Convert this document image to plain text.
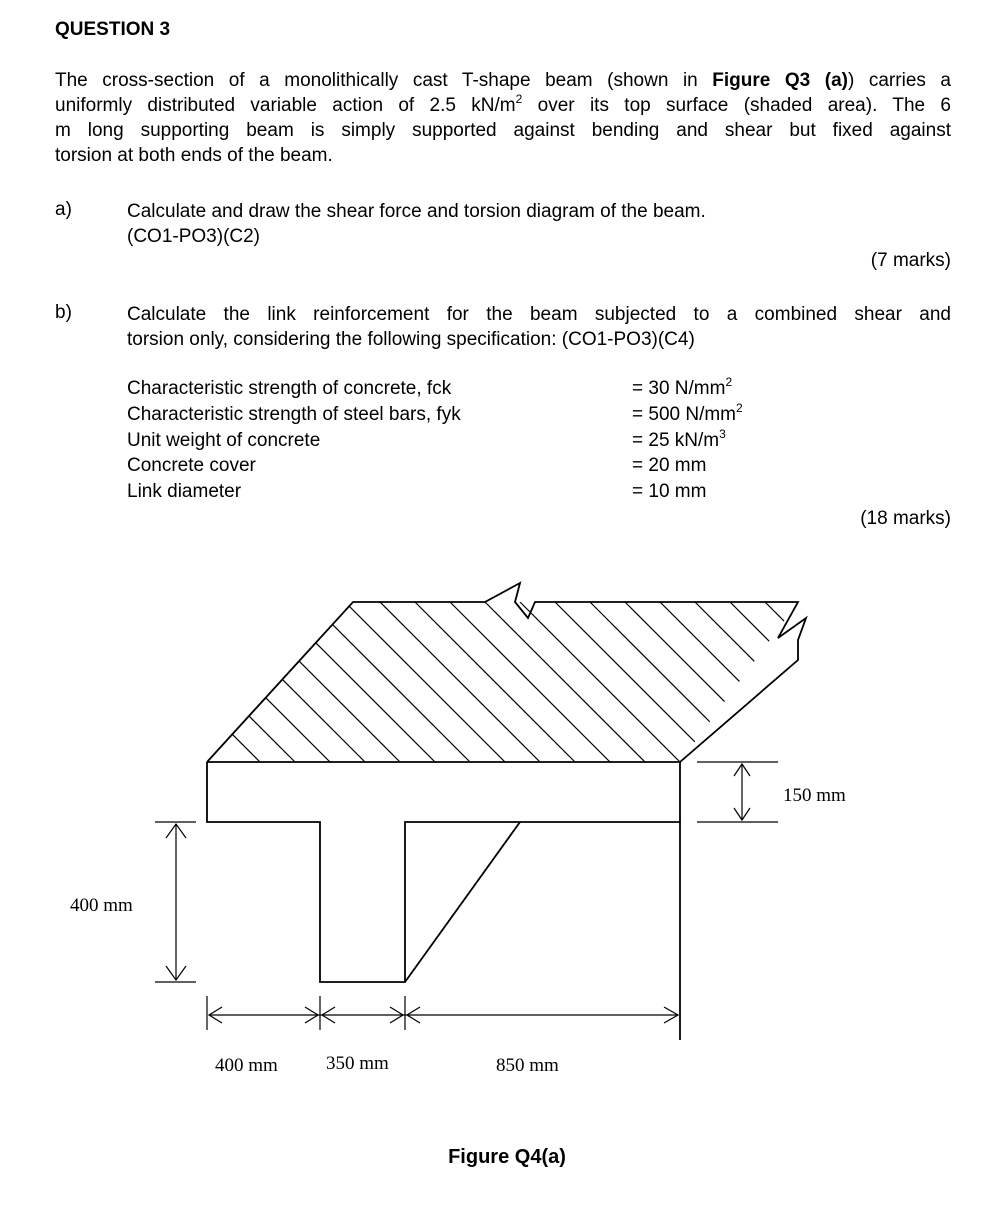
QUESTION 3
The cross-section of a monolithically cast T-shape beam (shown in Figure Q3 (a)) carries a
uniformly distributed variable action of 2.5 $kN/m^2$ over its top surface (shaded area). The 6
m long supporting beam is simply supported against bending and shear but fixed against
torsion at both ends of the beam.
a)	Calculate and draw the shear force and torsion diagram of the beam.
(CO1-PO3)(C2)
(7 marks)
b)	Calculate the link reinforcement for the beam subjected to a combined shear and
torsion only, considering the following specification: (CO1-PO3)(C4)
Characteristic strength of concrete, fck	= 30 $N/mm^2$
Characteristic strength of steel bars, fyk	= 500 $N/mm^2$
Unit weight of concrete	= 25 $kN/m^3$
Concrete cover	= 20 mm
Link diameter	= 10 mm
(18 marks)
150 mm
400 mm
400 mm	350 mm	850 mm
Figure Q4(a)
